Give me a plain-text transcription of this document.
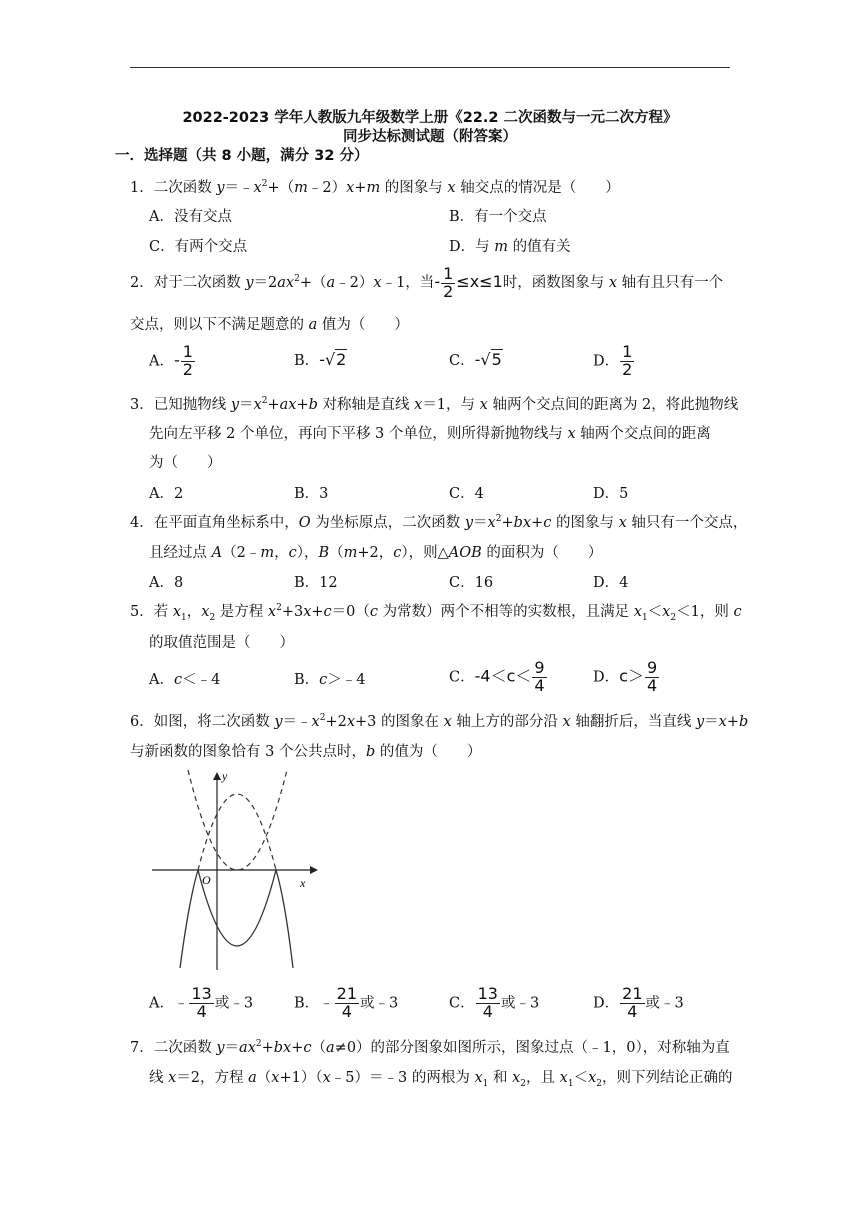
2022-2023 学年人教版九年级数学上册《22.2 二次函数与一元二次方程》
同步达标测试题（附答案）
一．选择题（共 8 小题，满分 32 分）
1．二次函数 $y=﹣x^2+(m﹣2)x+m$ 的图象与 x 轴交点的情况是（　　）
A．没有交点	B．有一个交点
C．有两个交点	D．与 m 的值有关
2．对于二次函数 $y=2ax^2+(a﹣2)x﹣1$，当- $\frac{1}{2} \le x\le 1$时，函数图象与 x 轴有且只有一个
交点，则以下不满足题意的 a 值为（　　）
A．- $\frac{1}{2}$	B．-√2	C．-√5	D． $\frac{1}{2}$
3．已知抛物线 $y=x^2+ax+b$ 对称轴是直线 x＝1，与 x 轴两个交点间的距离为 2，将此抛物线
先向左平移 2 个单位，再向下平移 3 个单位，则所得新抛物线与 x 轴两个交点间的距离
为（　　）
A．2	B．3	C．4	D．5
4．在平面直角坐标系中，O 为坐标原点，二次函数 $y=x^2+bx+c$ 的图象与 x 轴只有一个交点，
且经过点 A（2﹣m，c），B（m+2，c），则△AOB 的面积为（　　）
A．8	B．12	C．16	D．4
5．若 $x_1$，$x_2$ 是方程 $x^2+3x+c=0(c$ 为常数）两个不相等的实数根，且满足 $x_1<x_2<1$，则 c
的取值范围是（　　）
A．c＜﹣4	B．c＞﹣4	C．$-4<c< \frac{9}{4}$	D．$c> \frac{9}{4}$
6．如图，将二次函数 $y=﹣x^2+2x+3$ 的图象在 x 轴上方的部分沿 x 轴翻折后，当直线 y＝x+b
与新函数的图象恰有 3 个公共点时，b 的值为（　　）
y
x
O
A．﹣ $\frac{13}{4}$ 或﹣3	B．﹣ $\frac{21}{4}$ 或﹣3	C． $\frac{13}{4}$ 或﹣3	D． $\frac{21}{4}$ 或﹣3
7．二次函数 $y=ax^2+bx+c(a\ne 0)$的部分图象如图所示，图象过点（﹣1，0），对称轴为直
线 x＝2，方程 a（x+1）（x﹣5）＝﹣3 的两根为 $x_1$ 和 $x_2$，且 $x_1<x_2$，则下列结论正确的
